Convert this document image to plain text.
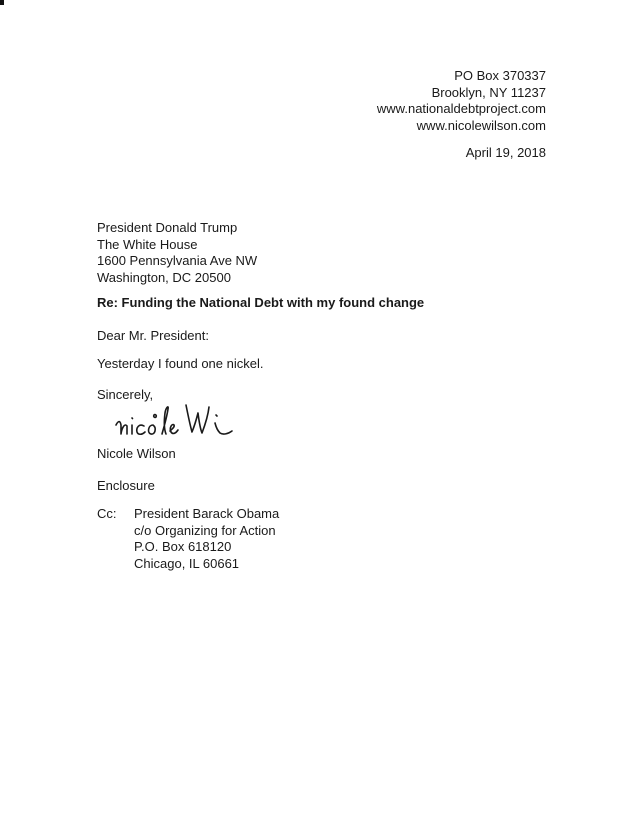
PO Box 370337
Brooklyn, NY 11237
www.nationaldebtproject.com
www.nicolewilson.com
April 19, 2018
President Donald Trump
The White House
1600 Pennsylvania Ave NW
Washington, DC 20500
Re: Funding the National Debt with my found change
Dear Mr. President:
Yesterday I found one nickel.
Sincerely,
Nicole Wilson
Enclosure
Cc: President Barack Obama
c/o Organizing for Action
P.O. Box 618120
Chicago, IL 60661
